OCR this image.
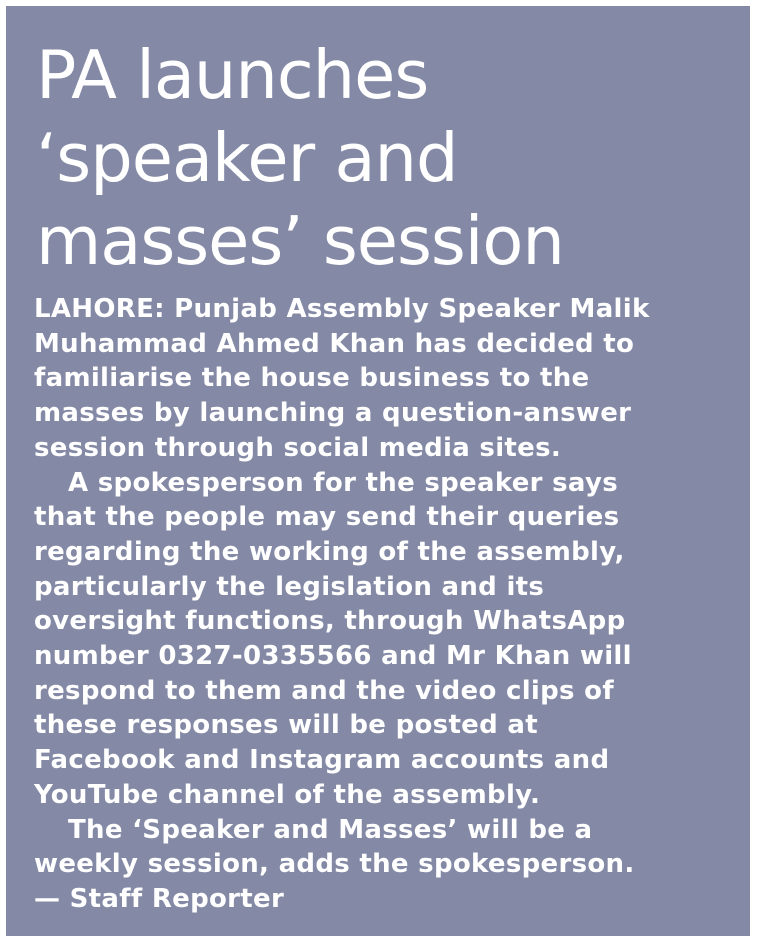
PA launches
‘speaker and
masses’ session
LAHORE: Punjab Assembly Speaker Malik
Muhammad Ahmed Khan has decided to
familiarise the house business to the
masses by launching a question-answer
session through social media sites.
A spokesperson for the speaker says
that the people may send their queries
regarding the working of the assembly,
particularly the legislation and its
oversight functions, through WhatsApp
number 0327-0335566 and Mr Khan will
respond to them and the video clips of
these responses will be posted at
Facebook and Instagram accounts and
YouTube channel of the assembly.
The ‘Speaker and Masses’ will be a
weekly session, adds the spokesperson.
— Staff Reporter
